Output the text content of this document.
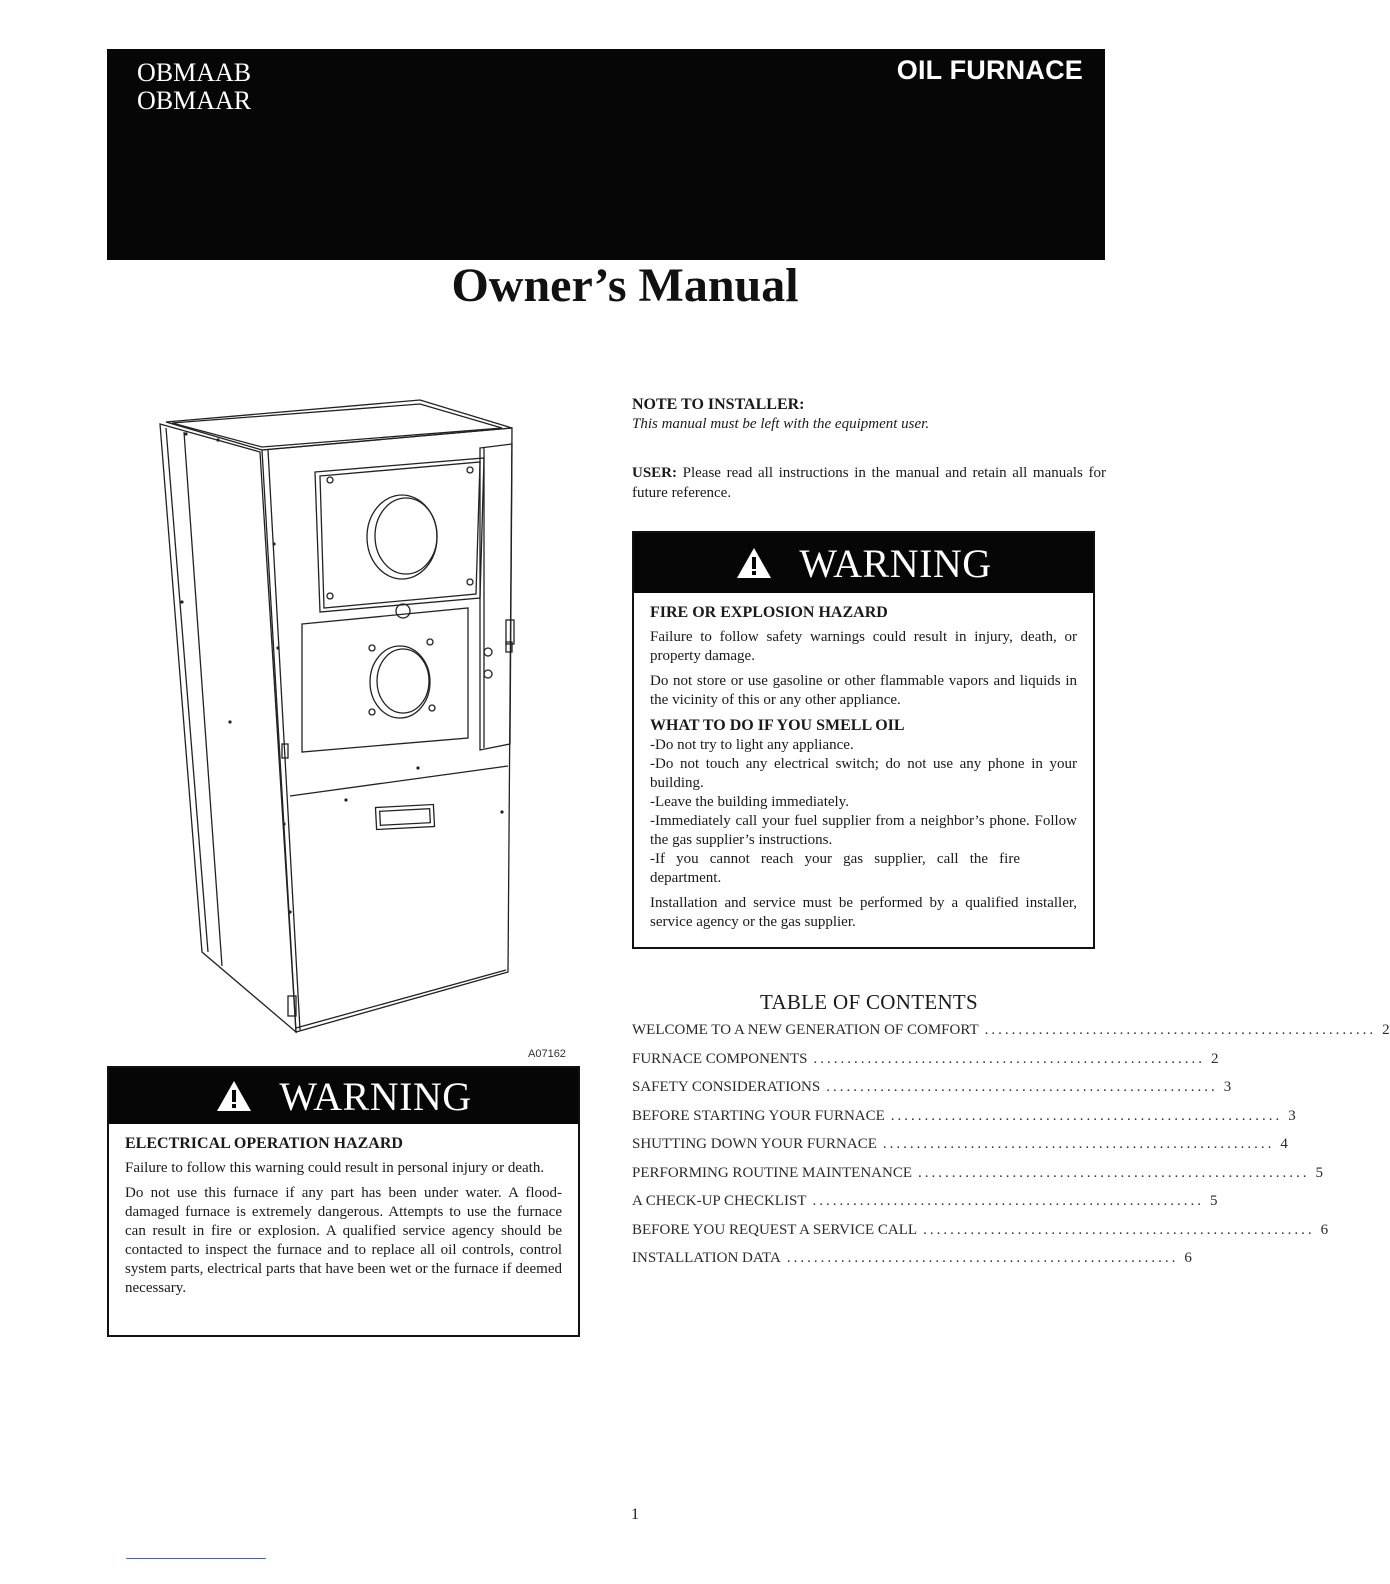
OBMAAB
OBMAAR
OIL FURNACE
Owner’s Manual
A07162
NOTE TO INSTALLER:
This manual must be left with the equipment user.
USER: Please read all instructions in the manual and retain all manuals for future reference.
WARNING
FIRE OR EXPLOSION HAZARD

Failure to follow safety warnings could result in injury, death, or property damage.

Do not store or use gasoline or other flammable vapors and liquids in the vicinity of this or any other appliance.

WHAT TO DO IF YOU SMELL OIL
-Do not try to light any appliance.
-Do not touch any electrical switch; do not use any phone in your building.
-Leave the building immediately.
-Immediately call your fuel supplier from a neighbor’s phone. Follow the gas supplier’s instructions.
-If you cannot reach your gas supplier, call the fire department.

Installation and service must be performed by a qualified installer, service agency or the gas supplier.

WARNING
ELECTRICAL OPERATION HAZARD

Failure to follow this warning could result in personal injury or death.

Do not use this furnace if any part has been under water. A flood-damaged furnace is extremely dangerous. Attempts to use the furnace can result in fire or explosion. A qualified service agency should be contacted to inspect the furnace and to replace all oil controls, control system parts, electrical parts that have been wet or the furnace if deemed necessary.

TABLE OF CONTENTS
WELCOME TO A NEW GENERATION OF COMFORT .......................................................... 2
FURNACE COMPONENTS .......................................................... 2
SAFETY CONSIDERATIONS .......................................................... 3
BEFORE STARTING YOUR FURNACE .......................................................... 3
SHUTTING DOWN YOUR FURNACE .......................................................... 4
PERFORMING ROUTINE MAINTENANCE .......................................................... 5
A CHECK-UP CHECKLIST .......................................................... 5
BEFORE YOU REQUEST A SERVICE CALL .......................................................... 6
INSTALLATION DATA .......................................................... 6
1
